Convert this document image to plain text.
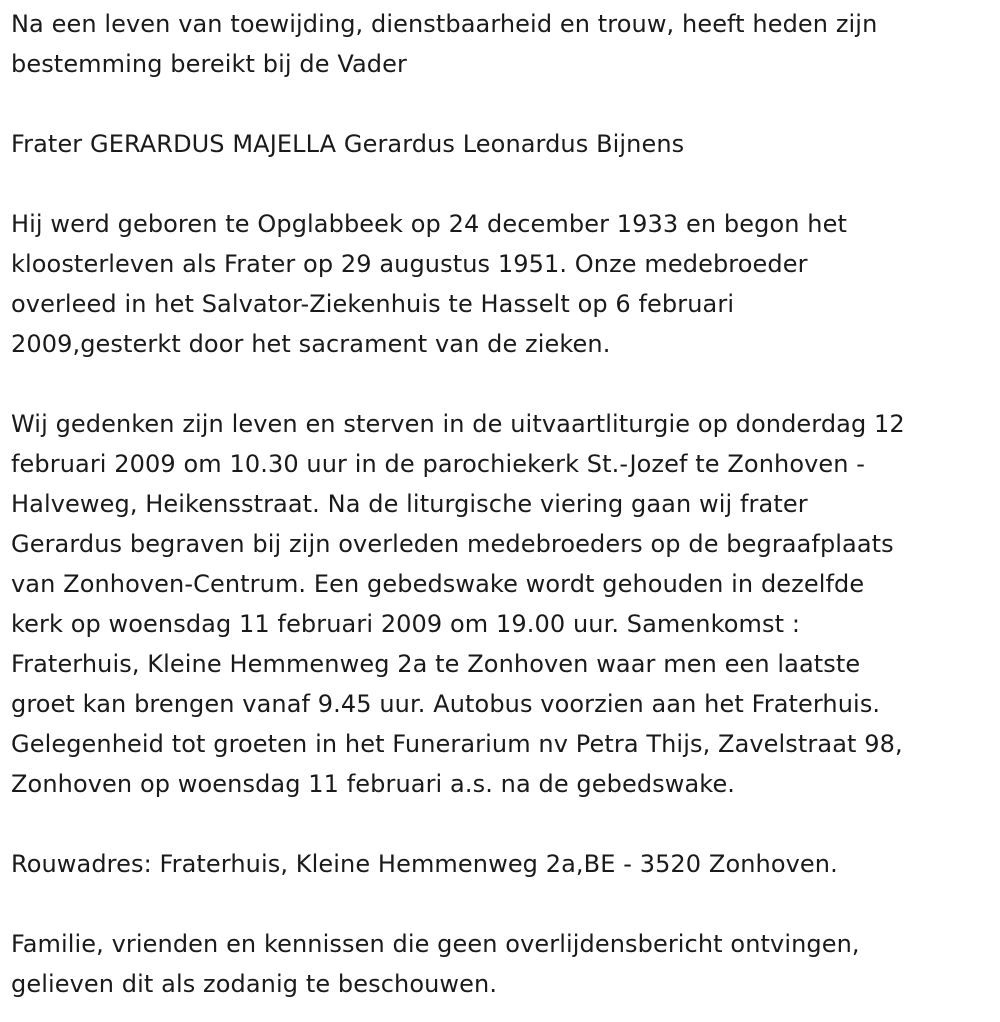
Na een leven van toewijding, dienstbaarheid en trouw, heeft heden zijn
bestemming bereikt bij de Vader

Frater GERARDUS MAJELLA Gerardus Leonardus Bijnens

Hij werd geboren te Opglabbeek op 24 december 1933 en begon het
kloosterleven als Frater op 29 augustus 1951. Onze medebroeder
overleed in het Salvator-Ziekenhuis te Hasselt op 6 februari
2009,gesterkt door het sacrament van de zieken.

Wij gedenken zijn leven en sterven in de uitvaartliturgie op donderdag 12
februari 2009 om 10.30 uur in de parochiekerk St.-Jozef te Zonhoven -
Halveweg, Heikensstraat. Na de liturgische viering gaan wij frater
Gerardus begraven bij zijn overleden medebroeders op de begraafplaats
van Zonhoven-Centrum. Een gebedswake wordt gehouden in dezelfde
kerk op woensdag 11 februari 2009 om 19.00 uur. Samenkomst :
Fraterhuis, Kleine Hemmenweg 2a te Zonhoven waar men een laatste
groet kan brengen vanaf 9.45 uur. Autobus voorzien aan het Fraterhuis.
Gelegenheid tot groeten in het Funerarium nv Petra Thijs, Zavelstraat 98,
Zonhoven op woensdag 11 februari a.s. na de gebedswake.

Rouwadres: Fraterhuis, Kleine Hemmenweg 2a,BE - 3520 Zonhoven.

Familie, vrienden en kennissen die geen overlijdensbericht ontvingen,
gelieven dit als zodanig te beschouwen.
